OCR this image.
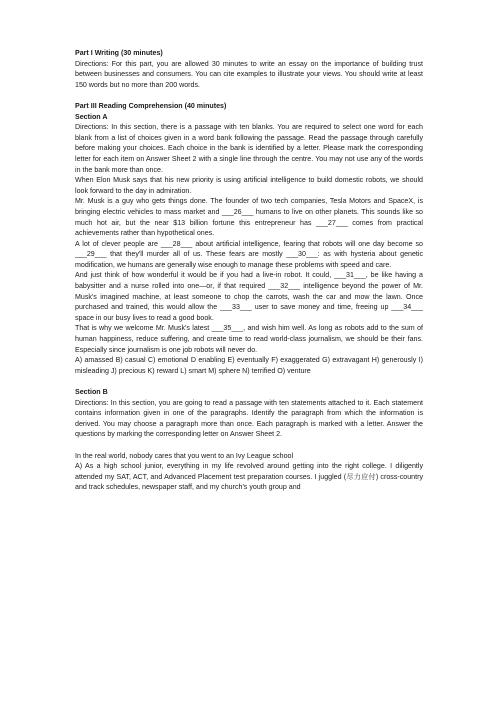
Part I Writing (30 minutes)

Directions: For this part, you are allowed 30 minutes to write an essay on the importance of building trust between businesses and consumers. You can cite examples to illustrate your views. You should write at least 150 words but no more than 200 words.

Part III Reading Comprehension (40 minutes)

Section A

Directions: In this section, there is a passage with ten blanks. You are required to select one word for each blank from a list of choices given in a word bank following the passage. Read the passage through carefully before making your choices. Each choice in the bank is identified by a letter. Please mark the corresponding letter for each item on Answer Sheet 2 with a single line through the centre. You may not use any of the words in the bank more than once.

When Elon Musk says that his new priority is using artificial intelligence to build domestic robots, we should look forward to the day in admiration.

Mr. Musk is a guy who gets things done. The founder of two tech companies, Tesla Motors and SpaceX, is bringing electric vehicles to mass market and ___26___ humans to live on other planets. This sounds like so much hot air, but the near $13 billion fortune this entrepreneur has ___27___ comes from practical achievements rather than hypothetical ones.

A lot of clever people are ___28___ about artificial intelligence, fearing that robots will one day become so ___29___ that they'll murder all of us. These fears are mostly ___30___: as with hysteria about genetic modification, we humans are generally wise enough to manage these problems with speed and care.

And just think of how wonderful it would be if you had a live-in robot. It could, ___31___, be like having a babysitter and a nurse rolled into one—or, if that required ___32___ intelligence beyond the power of Mr. Musk's imagined machine, at least someone to chop the carrots, wash the car and mow the lawn. Once purchased and trained, this would allow the ___33___ user to save money and time, freeing up ___34___ space in our busy lives to read a good book.

That is why we welcome Mr. Musk's latest ___35___, and wish him well. As long as robots add to the sum of human happiness, reduce suffering, and create time to read world-class journalism, we should be their fans. Especially since journalism is one job robots will never do.

A) amassed B) casual C) emotional D enabling E) eventually F) exaggerated G) extravagant H) generously I) misleading J) precious K) reward L) smart M) sphere N) terrified O) venture

Section B

Directions: In this section, you are going to read a passage with ten statements attached to it. Each statement contains information given in one of the paragraphs. Identify the paragraph from which the information is derived. You may choose a paragraph more than once. Each paragraph is marked with a letter. Answer the questions by marking the corresponding letter on Answer Sheet 2.

In the real world, nobody cares that you went to an Ivy League school

A) As a high school junior, everything in my life revolved around getting into the right college. I diligently attended my SAT, ACT, and Advanced Placement test preparation courses. I juggled (尽力应付) cross-country and track schedules, newspaper staff, and my church's youth group and
